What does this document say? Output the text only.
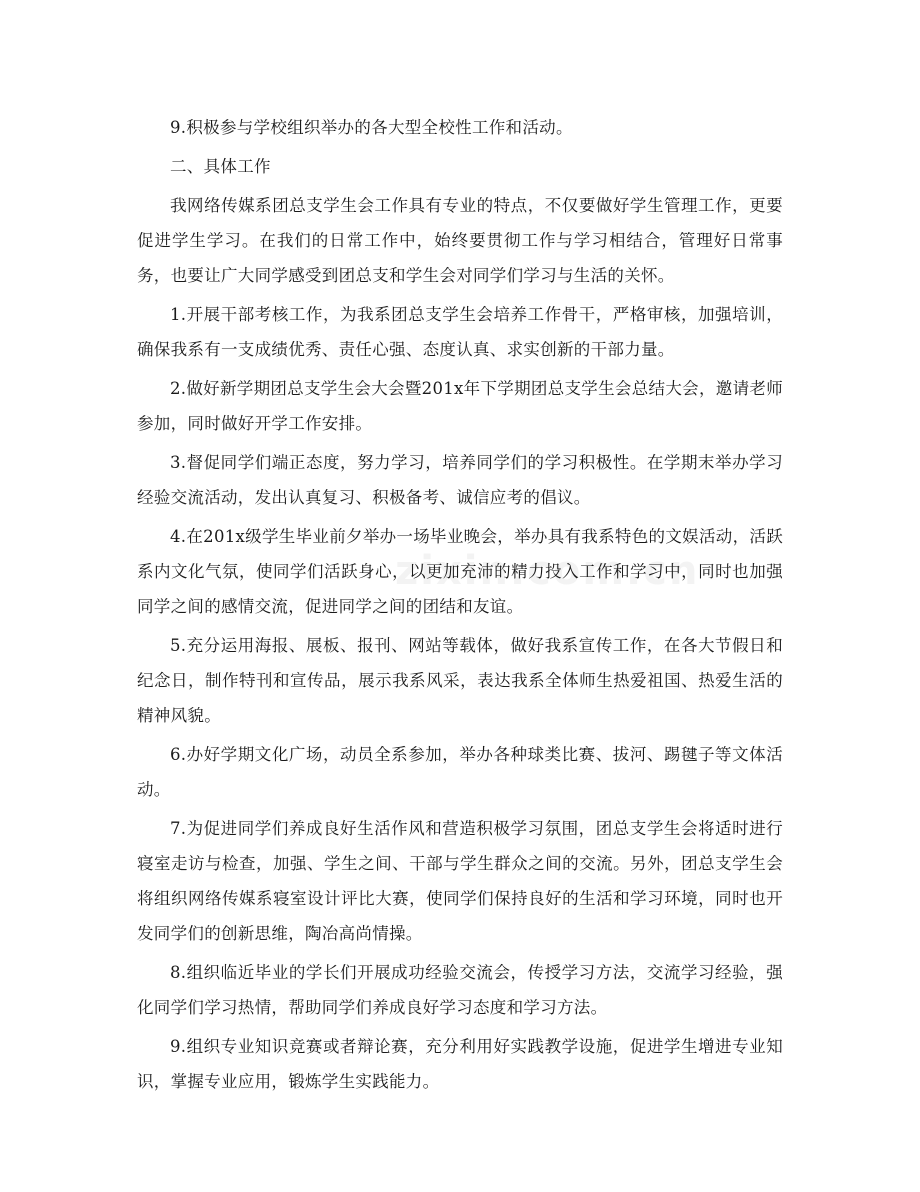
9.积极参与学校组织举办的各大型全校性工作和活动。

二、具体工作

我网络传媒系团总支学生会工作具有专业的特点，不仅要做好学生管理工作，更要促进学生学习。在我们的日常工作中，始终要贯彻工作与学习相结合，管理好日常事务，也要让广大同学感受到团总支和学生会对同学们学习与生活的关怀。

1.开展干部考核工作，为我系团总支学生会培养工作骨干，严格审核，加强培训，确保我系有一支成绩优秀、责任心强、态度认真、求实创新的干部力量。

2.做好新学期团总支学生会大会暨201x年下学期团总支学生会总结大会，邀请老师参加，同时做好开学工作安排。

3.督促同学们端正态度，努力学习，培养同学们的学习积极性。在学期末举办学习经验交流活动，发出认真复习、积极备考、诚信应考的倡议。

4.在201x级学生毕业前夕举办一场毕业晚会，举办具有我系特色的文娱活动，活跃系内文化气氛，使同学们活跃身心，以更加充沛的精力投入工作和学习中，同时也加强同学之间的感情交流，促进同学之间的团结和友谊。

5.充分运用海报、展板、报刊、网站等载体，做好我系宣传工作，在各大节假日和纪念日，制作特刊和宣传品，展示我系风采，表达我系全体师生热爱祖国、热爱生活的精神风貌。

6.办好学期文化广场，动员全系参加，举办各种球类比赛、拔河、踢毽子等文体活动。

7.为促进同学们养成良好生活作风和营造积极学习氛围，团总支学生会将适时进行寝室走访与检查，加强、学生之间、干部与学生群众之间的交流。另外，团总支学生会将组织网络传媒系寝室设计评比大赛，使同学们保持良好的生活和学习环境，同时也开发同学们的创新思维，陶冶高尚情操。

8.组织临近毕业的学长们开展成功经验交流会，传授学习方法，交流学习经验，强化同学们学习热情，帮助同学们养成良好学习态度和学习方法。

9.组织专业知识竞赛或者辩论赛，充分利用好实践教学设施，促进学生增进专业知识，掌握专业应用，锻炼学生实践能力。
